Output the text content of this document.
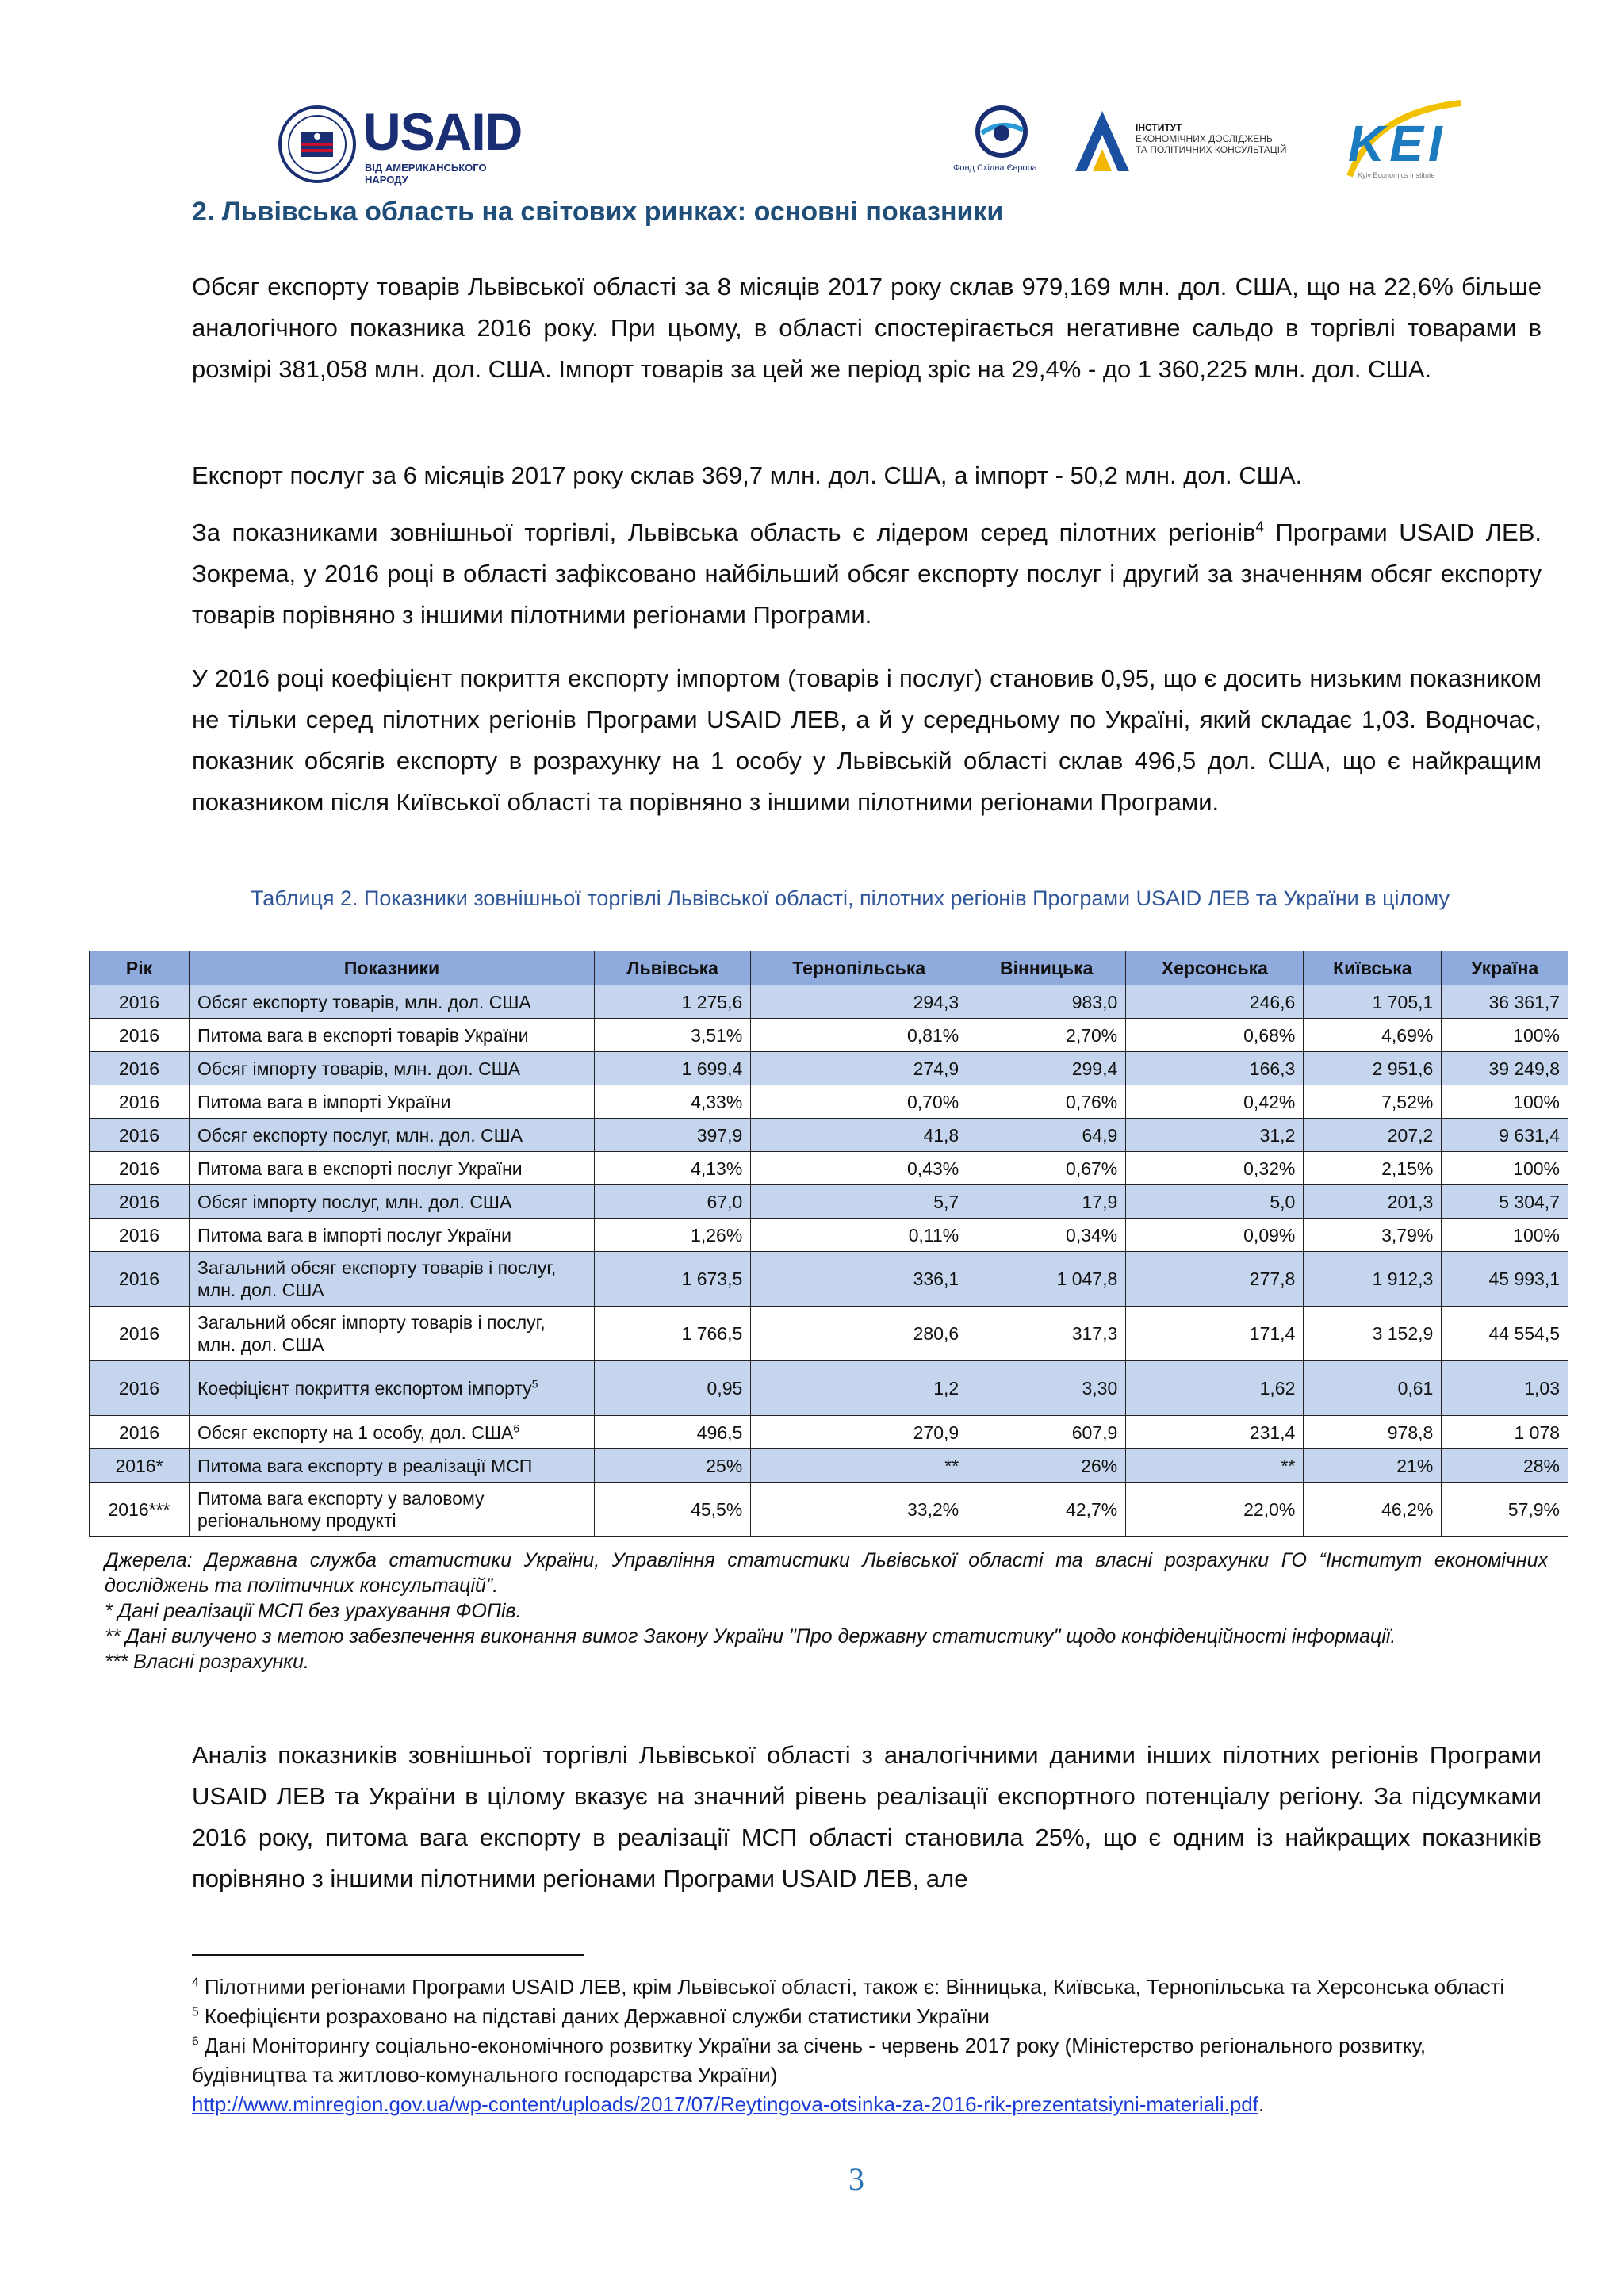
USAID
ВІД АМЕРИКАНСЬКОГО НАРОДУ
Фонд Східна Європа
ІНСТИТУТ
ЕКОНОМІЧНИХ ДОСЛІДЖЕНЬ
ТА ПОЛІТИЧНИХ КОНСУЛЬТАЦІЙ KEI
Kyiv Economics Institute
2. Львівська область на світових ринках: основні показники

Обсяг експорту товарів Львівської області за 8 місяців 2017 року склав 979,169 млн. дол. США, що на 22,6% більше аналогічного показника 2016 року. При цьому, в області спостерігається негативне сальдо в торгівлі товарами в розмірі 381,058 млн. дол. США. Імпорт товарів за цей же період зріс на 29,4% - до 1 360,225 млн. дол. США.

Експорт послуг за 6 місяців 2017 року склав 369,7 млн. дол. США, а імпорт - 50,2 млн. дол. США.

За показниками зовнішньої торгівлі, Львівська область є лідером серед пілотних регіонів$^4$ Програми USAID ЛЕВ. Зокрема, у 2016 році в області зафіксовано найбільший обсяг експорту послуг і другий за значенням обсяг експорту товарів порівняно з іншими пілотними регіонами Програми.

У 2016 році коефіцієнт покриття експорту імпортом (товарів і послуг) становив 0,95, що є досить низьким показником не тільки серед пілотних регіонів Програми USAID ЛЕВ, а й у середньому по Україні, який складає 1,03. Водночас, показник обсягів експорту в розрахунку на 1 особу у Львівській області склав 496,5 дол. США, що є найкращим показником після Київської області та порівняно з іншими пілотними регіонами Програми.

Таблиця 2. Показники зовнішньої торгівлі Львівської області, пілотних регіонів Програми USAID ЛЕВ та України в цілому
Рік	Показники	Львівська	Тернопільська	Вінницька	Херсонська	Київська	Україна
2016	Обсяг експорту товарів, млн. дол. США	1 275,6	294,3	983,0	246,6	1 705,1	36 361,7
2016	Питома вага в експорті товарів України	3,51%	0,81%	2,70%	0,68%	4,69%	100%
2016	Обсяг імпорту товарів, млн. дол. США	1 699,4	274,9	299,4	166,3	2 951,6	39 249,8
2016	Питома вага в імпорті України	4,33%	0,70%	0,76%	0,42%	7,52%	100%
2016	Обсяг експорту послуг, млн. дол. США	397,9	41,8	64,9	31,2	207,2	9 631,4
2016	Питома вага в експорті послуг України	4,13%	0,43%	0,67%	0,32%	2,15%	100%
2016	Обсяг імпорту послуг, млн. дол. США	67,0	5,7	17,9	5,0	201,3	5 304,7
2016	Питома вага в імпорті послуг України	1,26%	0,11%	0,34%	0,09%	3,79%	100%
2016	Загальний обсяг експорту товарів і послуг, млн. дол. США	1 673,5	336,1	1 047,8	277,8	1 912,3	45 993,1
2016	Загальний обсяг імпорту товарів і послуг, млн. дол. США	1 766,5	280,6	317,3	171,4	3 152,9	44 554,5
2016	Коефіцієнт покриття експортом імпорту$^5$	0,95	1,2	3,30	1,62	0,61	1,03
2016	Обсяг експорту на 1 особу, дол. США$^6$	496,5	270,9	607,9	231,4	978,8	1 078
2016*	Питома вага експорту в реалізації МСП	25%	**	26%	**	21%	28%
2016***	Питома вага експорту у валовому регіональному продукті	45,5%	33,2%	42,7%	22,0%	46,2%	57,9%

Джерела: Державна служба статистики України, Управління статистики Львівської області та власні розрахунки ГО “Інститут економічних досліджень та політичних консультацій”.

* Дані реалізації МСП без урахування ФОПів.

** Дані вилучено з метою забезпечення виконання вимог Закону України "Про державну статистику" щодо конфіденційності інформації.

*** Власні розрахунки.

Аналіз показників зовнішньої торгівлі Львівської області з аналогічними даними інших пілотних регіонів Програми USAID ЛЕВ та України в цілому вказує на значний рівень реалізації експортного потенціалу регіону. За підсумками 2016 року, питома вага експорту в реалізації МСП області становила 25%, що є одним із найкращих показників порівняно з іншими пілотними регіонами Програми USAID ЛЕВ, але

$^4$ Пілотними регіонами Програми USAID ЛЕВ, крім Львівської області, також є: Вінницька, Київська, Тернопільська та Херсонська області

$^5$ Коефіцієнти розраховано на підставі даних Державної служби статистики України

$^6$ Дані Моніторингу соціально-економічного розвитку України за січень - червень 2017 року (Міністерство регіонального розвитку, будівництва та житлово-комунального господарства України)
http://www.minregion.gov.ua/wp-content/uploads/2017/07/Reytingova-otsinka-za-2016-rik-prezentatsiyni-materiali.pdf.

3
